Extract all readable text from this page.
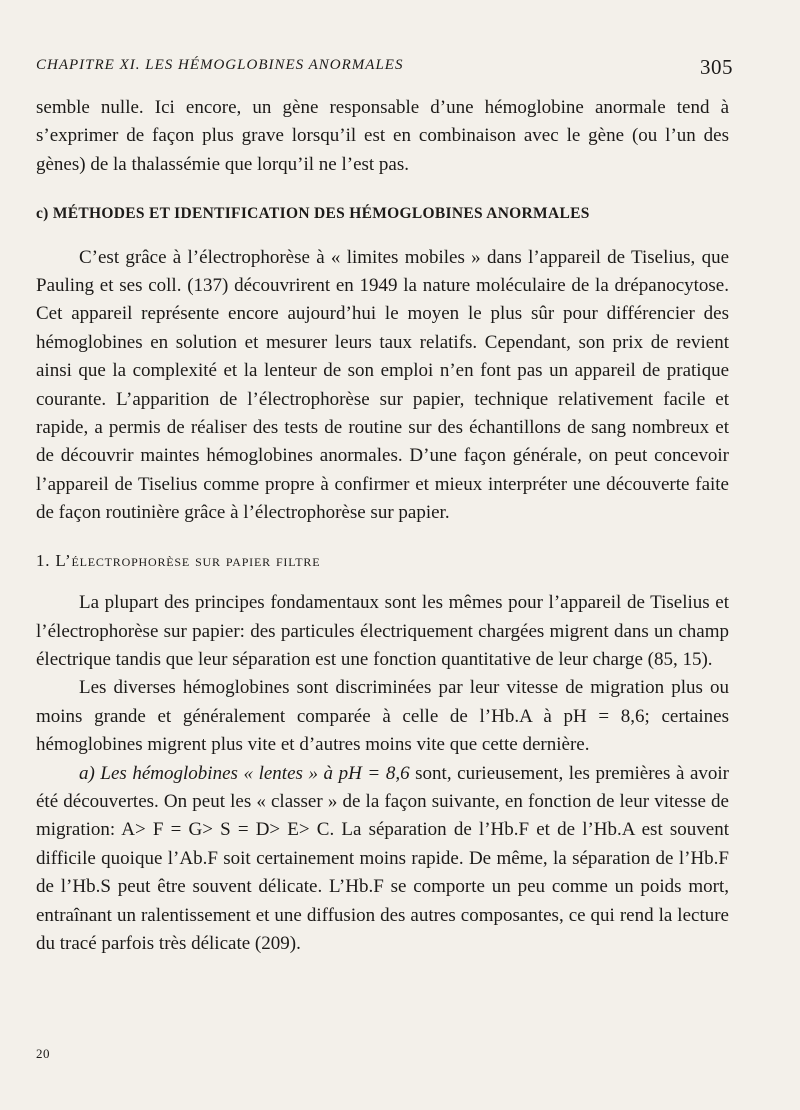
CHAPITRE XI. LES HÉMOGLOBINES ANORMALES	305

semble nulle. Ici encore, un gène responsable d’une hémoglobine anormale tend à s’exprimer de façon plus grave lorsqu’il est en combinaison avec le gène (ou l’un des gènes) de la thalassémie que lorqu’il ne l’est pas.

c) MÉTHODES ET IDENTIFICATION DES HÉMOGLOBINES ANORMALES

C’est grâce à l’électrophorèse à « limites mobiles » dans l’appareil de Tiselius, que Pauling et ses coll. (137) découvrirent en 1949 la nature moléculaire de la drépanocytose. Cet appareil représente encore aujourd’hui le moyen le plus sûr pour différencier des hémoglobines en solution et mesurer leurs taux relatifs. Cependant, son prix de revient ainsi que la complexité et la lenteur de son emploi n’en font pas un appareil de pratique courante. L’apparition de l’électrophorèse sur papier, technique relativement facile et rapide, a permis de réaliser des tests de routine sur des échantillons de sang nombreux et de découvrir maintes hémoglobines anormales. D’une façon générale, on peut concevoir l’appareil de Tiselius comme propre à confirmer et mieux interpréter une découverte faite de façon routinière grâce à l’électrophorèse sur papier.

1. L’électrophorèse sur papier filtre

La plupart des principes fondamentaux sont les mêmes pour l’appareil de Tiselius et l’électrophorèse sur papier: des particules électriquement chargées migrent dans un champ électrique tandis que leur séparation est une fonction quantitative de leur charge (85, 15).

Les diverses hémoglobines sont discriminées par leur vitesse de migration plus ou moins grande et généralement comparée à celle de l’Hb.A à pH = 8,6; certaines hémoglobines migrent plus vite et d’autres moins vite que cette dernière.

a) Les hémoglobines « lentes » à pH = 8,6 sont, curieusement, les premières à avoir été découvertes. On peut les « classer » de la façon suivante, en fonction de leur vitesse de migration: A> F = G> S = D> E> C. La séparation de l’Hb.F et de l’Hb.A est souvent difficile quoique l’Ab.F soit certainement moins rapide. De même, la séparation de l’Hb.F de l’Hb.S peut être souvent délicate. L’Hb.F se comporte un peu comme un poids mort, entraînant un ralentissement et une diffusion des autres composantes, ce qui rend la lecture du tracé parfois très délicate (209).

20
